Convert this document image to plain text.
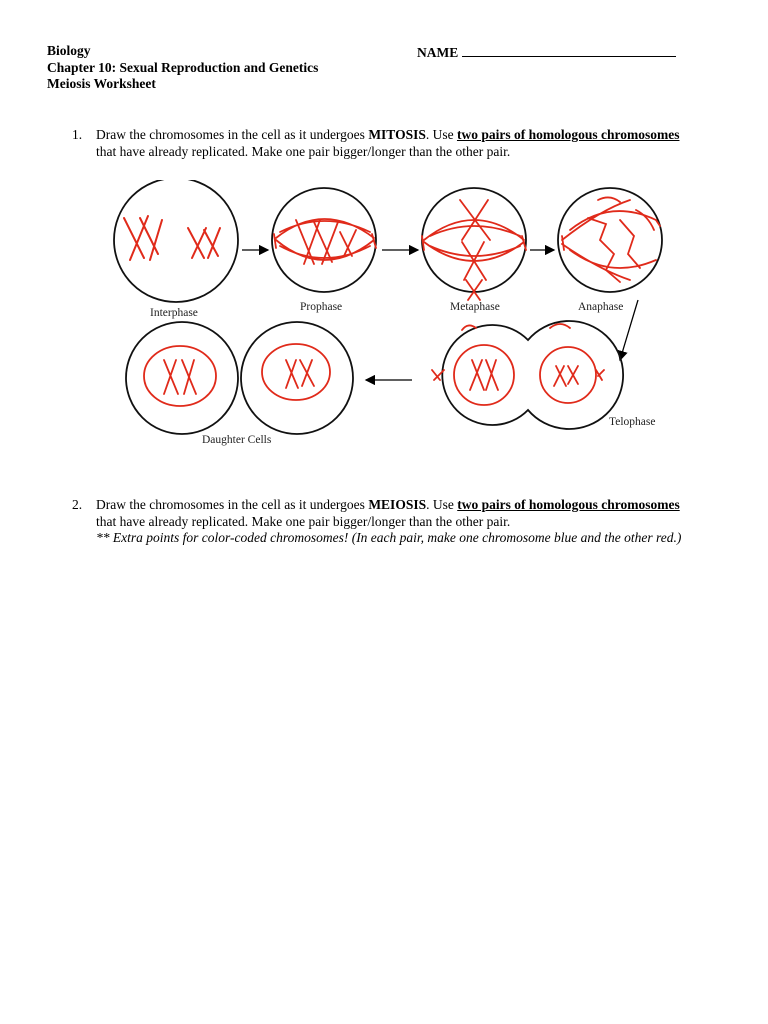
Biology
Chapter 10: Sexual Reproduction and Genetics
Meiosis Worksheet
NAME
1. Draw the chromosomes in the cell as it undergoes MITOSIS. Use two pairs of homologous chromosomes
that have already replicated. Make one pair bigger/longer than the other pair.
Interphase	Prophase	Metaphase	Anaphase
Telophase
Daughter Cells
2. Draw the chromosomes in the cell as it undergoes MEIOSIS. Use two pairs of homologous chromosomes
that have already replicated. Make one pair bigger/longer than the other pair.
** Extra points for color-coded chromosomes! (In each pair, make one chromosome blue and the other red.)
